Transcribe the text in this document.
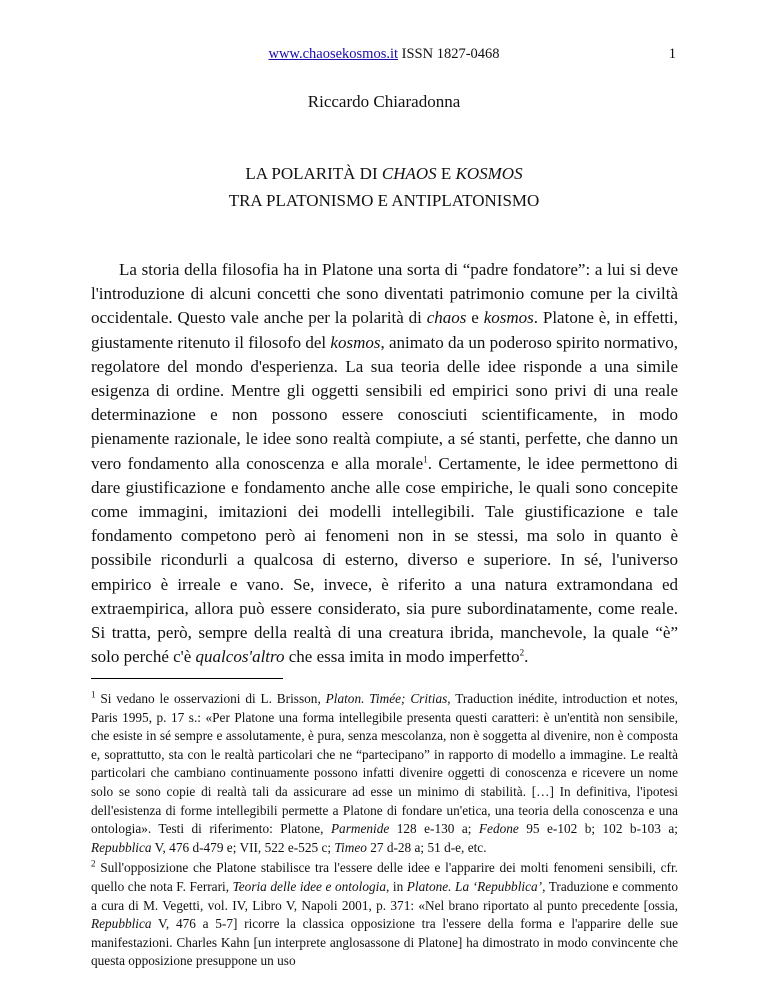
www.chaosekosmos.it ISSN 1827-0468	1
Riccardo Chiaradonna
LA POLARITÀ DI CHAOS E KOSMOS
TRA PLATONISMO E ANTIPLATONISMO
La storia della filosofia ha in Platone una sorta di “padre fondatore”: a lui si deve l'introduzione di alcuni concetti che sono diventati patrimonio comune per la civiltà occidentale. Questo vale anche per la polarità di chaos e kosmos. Platone è, in effetti, giustamente ritenuto il filosofo del kosmos, animato da un poderoso spirito normativo, regolatore del mondo d'esperienza. La sua teoria delle idee risponde a una simile esigenza di ordine. Mentre gli oggetti sensibili ed empirici sono privi di una reale determinazione e non possono essere conosciuti scientificamente, in modo pienamente razionale, le idee sono realtà compiute, a sé stanti, perfette, che danno un vero fondamento alla conoscenza e alla morale$^1$. Certamente, le idee permettono di dare giustificazione e fondamento anche alle cose empiriche, le quali sono concepite come immagini, imitazioni dei modelli intellegibili. Tale giustificazione e tale fondamento competono però ai fenomeni non in se stessi, ma solo in quanto è possibile ricondurli a qualcosa di esterno, diverso e superiore. In sé, l'universo empirico è irreale e vano. Se, invece, è riferito a una natura extramondana ed extraempirica, allora può essere considerato, sia pure subordinatamente, come reale. Si tratta, però, sempre della realtà di una creatura ibrida, manchevole, la quale “è” solo perché c'è qualcos'altro che essa imita in modo imperfetto$^2$.

$^1$ Si vedano le osservazioni di L. Brisson, Platon. Timée; Critias, Traduction inédite, introduction et notes, Paris 1995, p. 17 s.: «Per Platone una forma intellegibile presenta questi caratteri: è un'entità non sensibile, che esiste in sé sempre e assolutamente, è pura, senza mescolanza, non è soggetta al divenire, non è composta e, soprattutto, sta con le realtà particolari che ne “partecipano” in rapporto di modello a immagine. Le realtà particolari che cambiano continuamente possono infatti divenire oggetti di conoscenza e ricevere un nome solo se sono copie di realtà tali da assicurare ad esse un minimo di stabilità. […] In definitiva, l'ipotesi dell'esistenza di forme intellegibili permette a Platone di fondare un'etica, una teoria della conoscenza e una ontologia». Testi di riferimento: Platone, Parmenide 128 e-130 a; Fedone 95 e-102 b; 102 b-103 a; Repubblica V, 476 d-479 e; VII, 522 e-525 c; Timeo 27 d-28 a; 51 d-e, etc.

$^2$ Sull'opposizione che Platone stabilisce tra l'essere delle idee e l'apparire dei molti fenomeni sensibili, cfr. quello che nota F. Ferrari, Teoria delle idee e ontologia, in Platone. La ‘Repubblica’, Traduzione e commento a cura di M. Vegetti, vol. IV, Libro V, Napoli 2001, p. 371: «Nel brano riportato al punto precedente [ossia, Repubblica V, 476 a 5-7] ricorre la classica opposizione tra l'essere della forma e l'apparire delle sue manifestazioni. Charles Kahn [un interprete anglosassone di Platone] ha dimostrato in modo convincente che questa opposizione presuppone un uso
